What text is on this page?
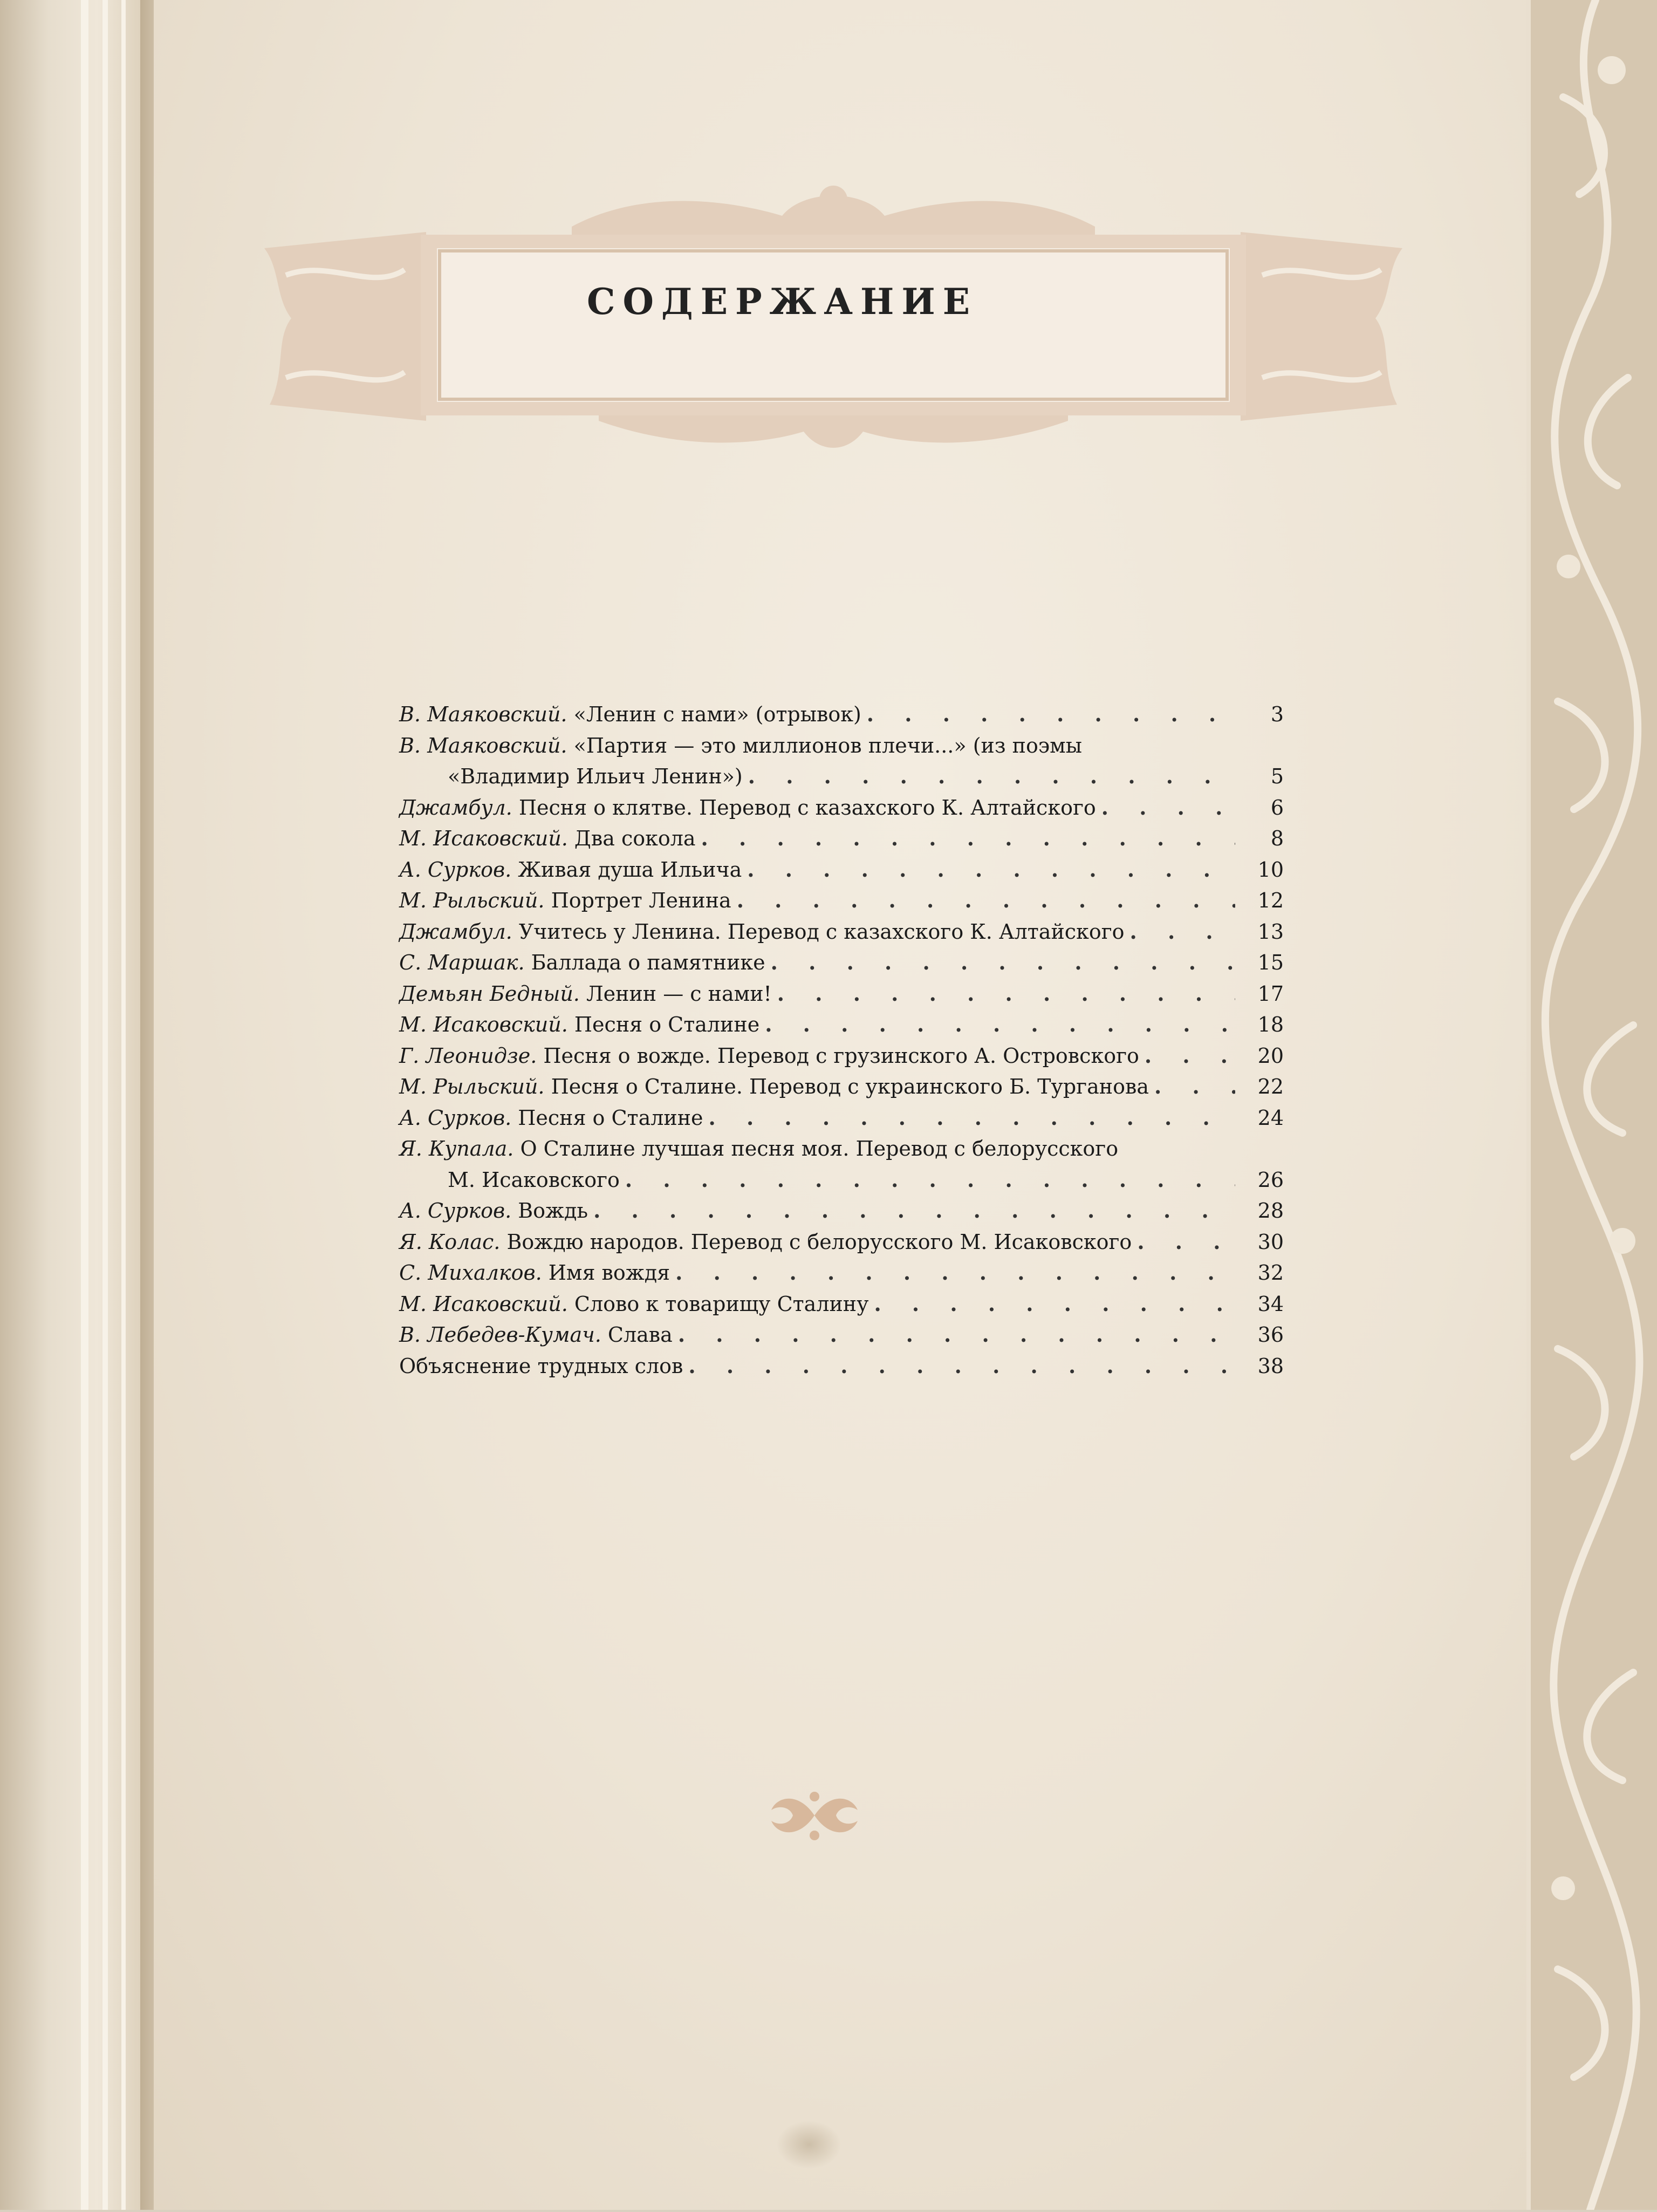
СОДЕРЖАНИЕ
В. Маяковский. «Ленин с нами» (отрывок) . . .	3
В. Маяковский. «Партия — это миллионов плечи...» (из поэмы
«Владимир Ильич Ленин») . . .	5
Джамбул. Песня о клятве. Перевод с казахского К. Алтайского . . .	6
М. Исаковский. Два сокола . . .	8
А. Сурков. Живая душа Ильича . . .	10
М. Рыльский. Портрет Ленина . . .	12
Джамбул. Учитесь у Ленина. Перевод с казахского К. Алтайского . . .	13
С. Маршак. Баллада о памятнике . . .	15
Демьян Бедный. Ленин — с нами! . . .	17
М. Исаковский. Песня о Сталине . . .	18
Г. Леонидзе. Песня о вожде. Перевод с грузинского А. Островского . . .	20
М. Рыльский. Песня о Сталине. Перевод с украинского Б. Турганова . . .	22
А. Сурков. Песня о Сталине . . .	24
Я. Купала. О Сталине лучшая песня моя. Перевод с белорусского
М. Исаковского . . .	26
А. Сурков. Вождь . . .	28
Я. Колас. Вождю народов. Перевод с белорусского М. Исаковского . . .	30
С. Михалков. Имя вождя . . .	32
М. Исаковский. Слово к товарищу Сталину . . .	34
В. Лебедев-Кумач. Слава . . .	36
Объяснение трудных слов . . .	38
